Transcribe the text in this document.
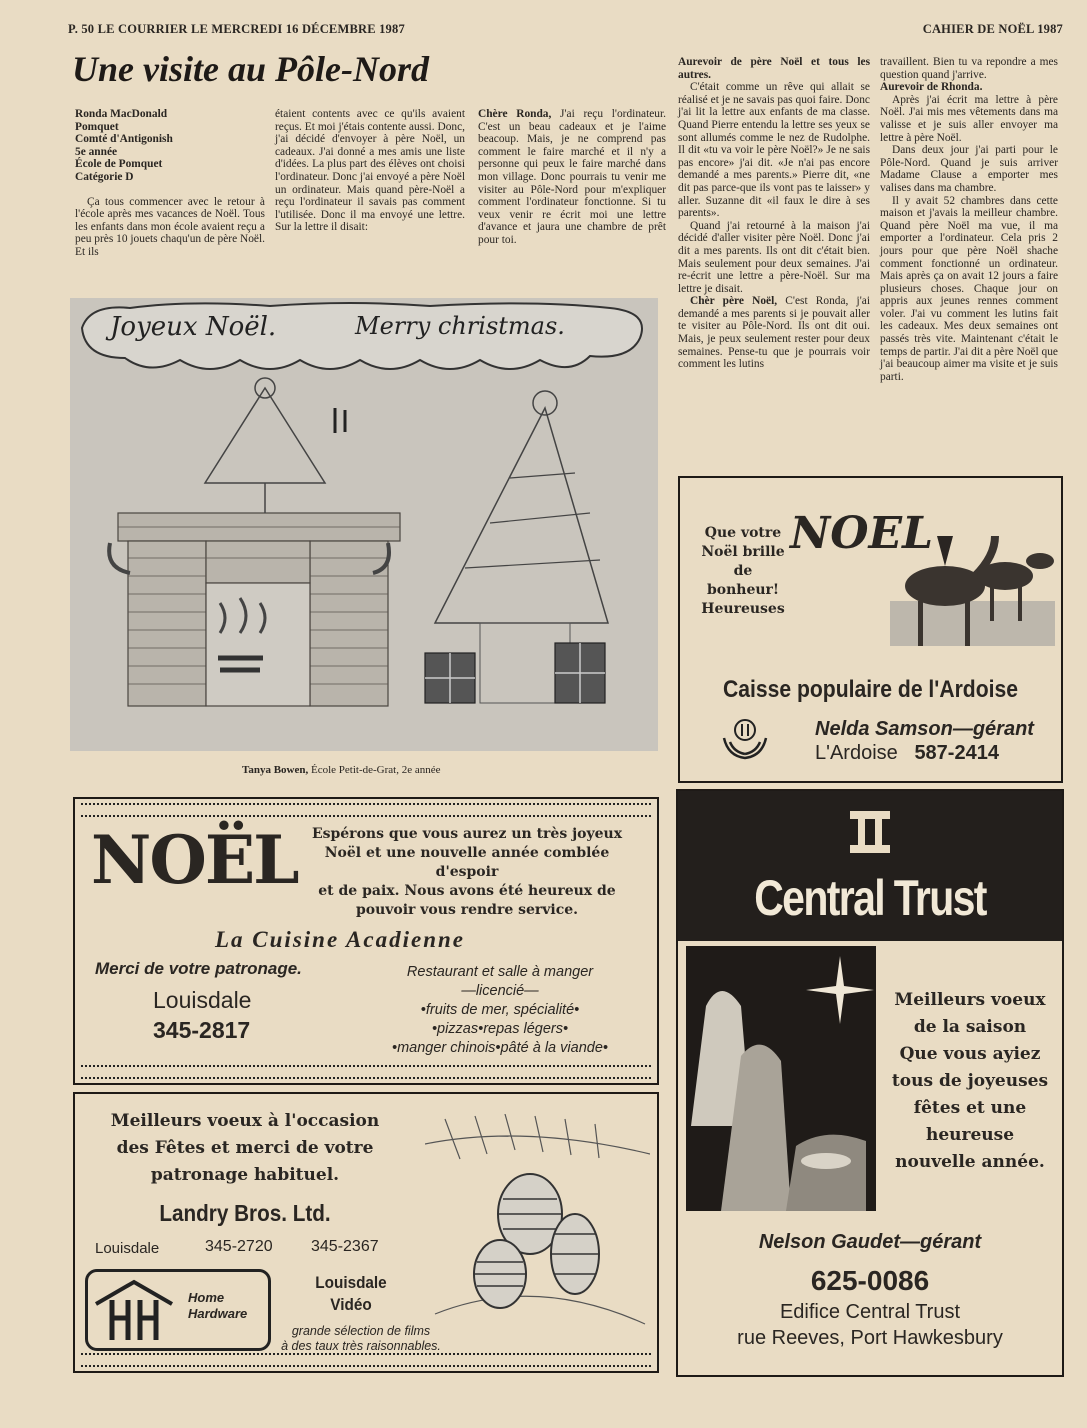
P. 50 LE COURRIER LE MERCREDI 16 DÉCEMBRE 1987	CAHIER DE NOËL 1987
Une visite au Pôle-Nord
Ronda MacDonald
Pomquet
Comté d'Antigonish
5e année
École de Pomquet
Catégorie D

Ça tous commencer avec le retour à l'école après mes vacances de Noël. Tous les enfants dans mon école avaient reçu a peu près 10 jouets chaqu'un de père Noël. Et ils

étaient contents avec ce qu'ils avaient reçus. Et moi j'étais contente aussi. Donc, j'ai décidé d'envoyer à père Noël, un cadeaux. J'ai donné a mes amis une liste d'idées. La plus part des élèves ont choisi l'ordinateur. Donc j'ai envoyé a père Noël un ordinateur. Mais quand père-Noël a reçu l'ordinateur il savais pas comment l'utilisée. Donc il ma envoyé une lettre. Sur la lettre il disait:

Chère Ronda, J'ai reçu l'ordinateur. C'est un beau cadeaux et je l'aime beacoup. Mais, je ne comprend pas comment le faire marché et il n'y a personne qui peux le faire marché dans mon village. Donc pourrais tu venir me visiter au Pôle-Nord pour m'expliquer comment l'ordinateur fonctionne. Si tu veux venir re écrit moi une lettre d'avance et jaura une chambre de prêt pour toi.

Aurevoir de père Noël et tous les autres.

C'était comme un rêve qui allait se réalisé et je ne savais pas quoi faire. Donc j'ai lit la lettre aux enfants de ma classe. Quand Pierre entendu la lettre ses yeux se sont allumés comme le nez de Rudolphe. Il dit «tu va voir le père Noël?» Je ne sais pas encore» j'ai dit. «Je n'ai pas encore demandé a mes parents.» Pierre dit, «ne dit pas parce-que ils vont pas te laisser» y aller. Suzanne dit «il faux le dire à ses parents».

Quand j'ai retourné à la maison j'ai décidé d'aller visiter père Noël. Donc j'ai dit a mes parents. Ils ont dit c'était bien. Mais seulement pour deux semaines. J'ai re-écrit une lettre a père-Noël. Sur ma lettre je disait.

Chèr père Noël, C'est Ronda, j'ai demandé a mes parents si je pouvait aller te visiter au Pôle-Nord. Ils ont dit oui. Mais, je peux seulement rester pour deux semaines. Pense-tu que je pourrais voir comment les lutins

travaillent. Bien tu va repondre a mes question quand j'arrive.

Aurevoir de Rhonda.

Après j'ai écrit ma lettre à père Noël. J'ai mis mes vêtements dans ma valisse et je suis aller envoyer ma lettre à père Noël.

Dans deux jour j'ai parti pour le Pôle-Nord. Quand je suis arriver Madame Clause a emporter mes valises dans ma chambre.

Il y avait 52 chambres dans cette maison et j'avais la meilleur chambre. Quand père Noël ma vue, il ma emporter a l'ordinateur. Cela pris 2 jours pour que père Noël shache comment fonctionné un ordinateur. Mais après ça on avait 12 jours a faire plusieurs choses. Chaque jour on appris aux jeunes rennes comment voler. J'ai vu comment les lutins fait les cadeaux. Mes deux semaines ont passés très vite. Maintenant c'était le temps de partir. J'ai dit a père Noël que j'ai beaucoup aimer ma visite et je suis parti.

Joyeux Noël.	Merry christmas.
Tanya Bowen, École Petit-de-Grat, 2e année
Que votre
Noël brille
de
bonheur!
Heureuses
NOEL
Caisse populaire de l'Ardoise
Nelda Samson—gérant
L'Ardoise 587-2414
NOËL	Espérons que vous aurez un très joyeux
Noël et une nouvelle année comblée d'espoir
et de paix. Nous avons été heureux de
pouvoir vous rendre service.
La Cuisine Acadienne
Merci de votre patronage.
Louisdale
345-2817
Restaurant et salle à manger
—licencié—
•fruits de mer, spécialité•
•pizzas•repas légers•
•manger chinois•pâté à la viande•
Meilleurs voeux à l'occasion
des Fêtes et merci de votre
patronage habituel.
Landry Bros. Ltd.
Louisdale	345-2720 345-2367
Home
Hardware
Louisdale
Vidéo
grande sélection de films
à des taux très raisonnables.
Central Trust
Meilleurs voeux
de la saison
Que vous ayiez
tous de joyeuses
fêtes et une
heureuse
nouvelle année.
Nelson Gaudet—gérant
625-0086
Edifice Central Trust
rue Reeves, Port Hawkesbury
